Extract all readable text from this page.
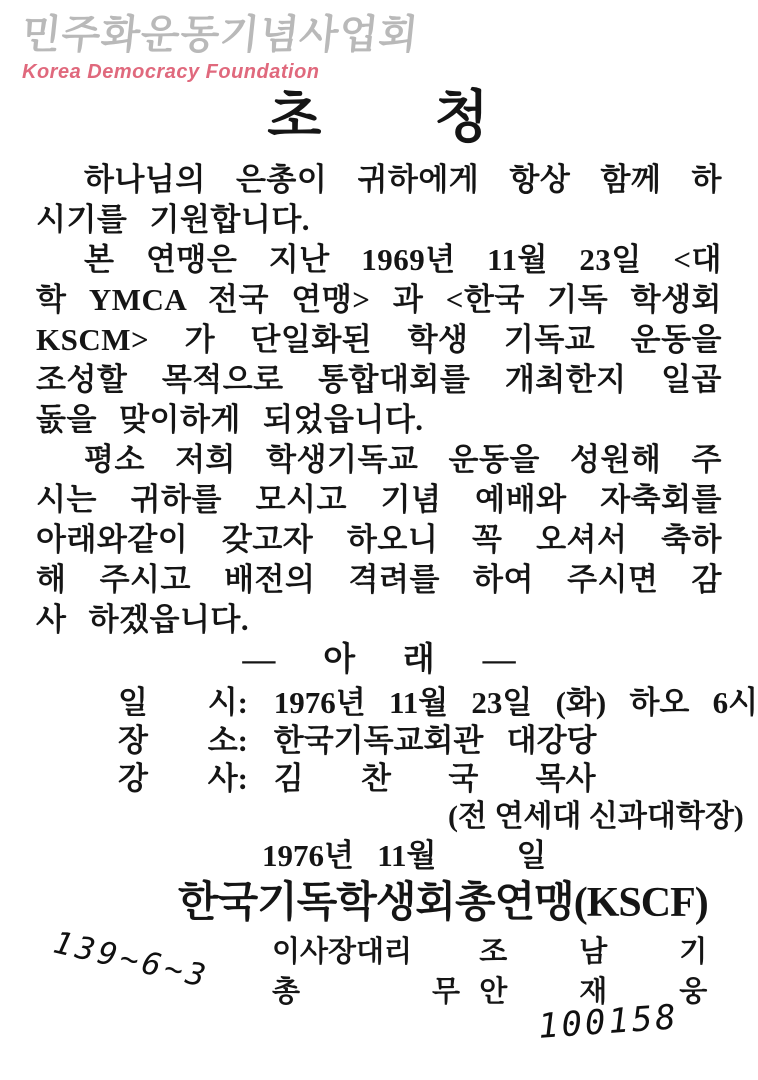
민주화운동기념사업회
Korea Democracy Foundation
초 청
하나님의 은총이 귀하에게 항상 함께 하
시기를 기원합니다.
본 연맹은 지난 1969년 11월 23일 <대
학 YMCA 전국 연맹> 과 <한국 기독 학생회
KSCM> 가 단일화된 학생 기독교 운동을
조성할 목적으로 통합대회를 개최한지 일곱
돐을 맞이하게 되었읍니다.
평소 저희 학생기독교 운동을 성원해 주
시는 귀하를 모시고 기념 예배와 자축회를
아래와같이 갖고자 하오니 꼭 오셔서 축하
해 주시고 배전의 격려를 하여 주시면 감
사 하겠읍니다.
— 아 래 —
일 시: 1976년 11월 23일 (화) 하오 6시
장 소: 한국기독교회관 대강당
강 사: 김 찬 국 목사
(전 연세대 신과대학장)
1976년 11월	일
한국기독학생회총연맹(KSCF)
이사장대리 조 남 기
총 무 안 재 웅
139~6~3
100158
